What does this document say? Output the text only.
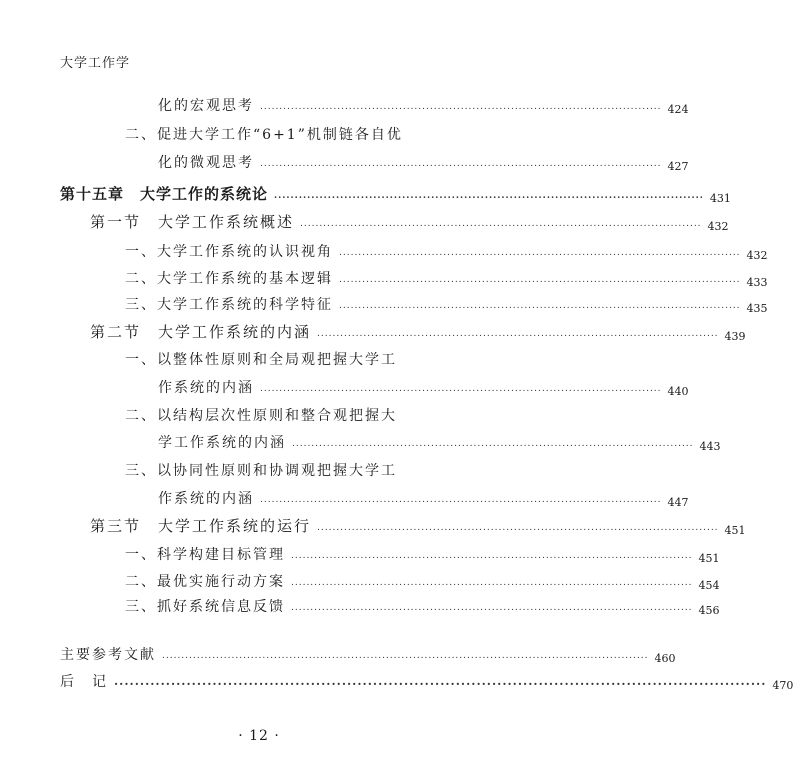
大学工作学
化的宏观思考 ........................................................................................................ 424
二、促进大学工作“6+1”机制链各自优
化的微观思考 ........................................................................................................ 427
第十五章　大学工作的系统论 ........................................................................................................ 431
第一节　大学工作系统概述 ........................................................................................................ 432
一、大学工作系统的认识视角 ........................................................................................................ 432
二、大学工作系统的基本逻辑 ........................................................................................................ 433
三、大学工作系统的科学特征 ........................................................................................................ 435
第二节　大学工作系统的内涵 ........................................................................................................ 439
一、以整体性原则和全局观把握大学工
作系统的内涵 ........................................................................................................ 440
二、以结构层次性原则和整合观把握大
学工作系统的内涵 ........................................................................................................ 443
三、以协同性原则和协调观把握大学工
作系统的内涵 ........................................................................................................ 447
第三节　大学工作系统的运行 ........................................................................................................ 451
一、科学构建目标管理 ........................................................................................................ 451
二、最优实施行动方案 ........................................................................................................ 454
三、抓好系统信息反馈 ........................................................................................................ 456
主要参考文献 .............................................................................................................................. 460
后　记 .............................................................................................................................. 470
· 12 ·
